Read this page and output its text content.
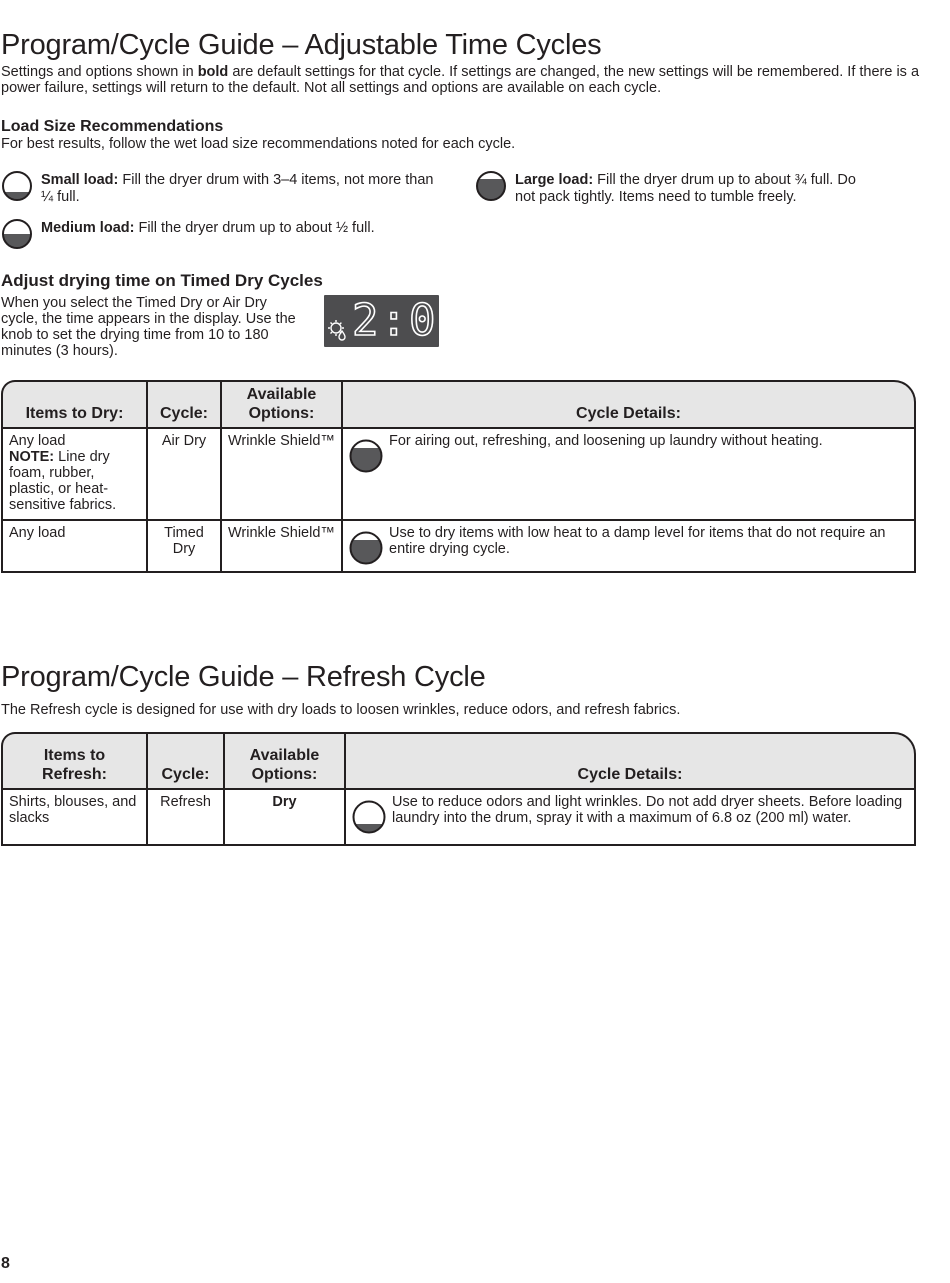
Program/Cycle Guide – Adjustable Time Cycles
Settings and options shown in bold are default settings for that cycle. If settings are changed, the new settings will be remembered. If there is a power failure, settings will return to the default. Not all settings and options are available on each cycle.
Load Size Recommendations
For best results, follow the wet load size recommendations noted for each cycle.
Small load: Fill the dryer drum with 3–4 items, not more than ¼ full.
Medium load: Fill the dryer drum up to about ½ full.
Large load: Fill the dryer drum up to about ¾ full. Do not pack tightly. Items need to tumble freely.
Adjust drying time on Timed Dry Cycles
When you select the Timed Dry or Air Dry cycle, the time appears in the display. Use the knob to set the drying time from 10 to 180 minutes (3 hours).
2:00
Items to Dry:	Cycle:	Available Options:	Cycle Details:

Any load
NOTE: Line dry foam, rubber, plastic, or heat-sensitive fabrics.	Air Dry	Wrinkle Shield™	For airing out, refreshing, and loosening up laundry without heating.

Any load	Timed Dry	Wrinkle Shield™	Use to dry items with low heat to a damp level for items that do not require an entire drying cycle.
Program/Cycle Guide – Refresh Cycle
The Refresh cycle is designed for use with dry loads to loosen wrinkles, reduce odors, and refresh fabrics.
Items to Refresh:	Cycle:	Available Options:	Cycle Details:
Shirts, blouses, and slacks	Refresh	Dry	Use to reduce odors and light wrinkles. Do not add dryer sheets. Before loading laundry into the drum, spray it with a maximum of 6.8 oz (200 ml) water.
8
